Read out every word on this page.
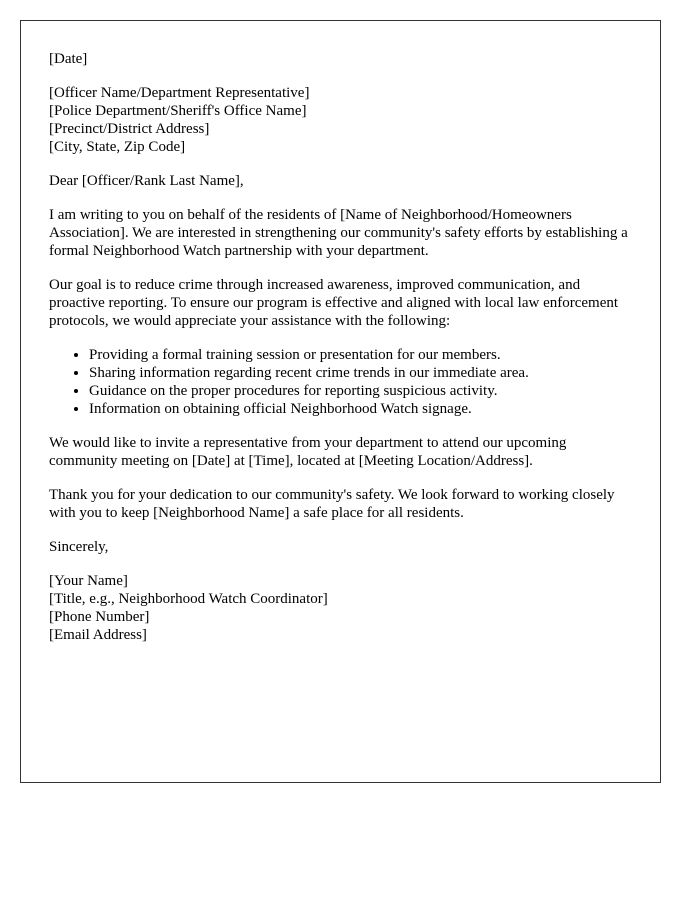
[Date]

[Officer Name/Department Representative]
[Police Department/Sheriff's Office Name]
[Precinct/District Address]
[City, State, Zip Code]

Dear [Officer/Rank Last Name],

I am writing to you on behalf of the residents of [Name of Neighborhood/Homeowners Association]. We are interested in strengthening our community's safety efforts by establishing a formal Neighborhood Watch partnership with your department.

Our goal is to reduce crime through increased awareness, improved communication, and proactive reporting. To ensure our program is effective and aligned with local law enforcement protocols, we would appreciate your assistance with the following:

• Providing a formal training session or presentation for our members.
• Sharing information regarding recent crime trends in our immediate area.
• Guidance on the proper procedures for reporting suspicious activity.
• Information on obtaining official Neighborhood Watch signage.

We would like to invite a representative from your department to attend our upcoming community meeting on [Date] at [Time], located at [Meeting Location/Address].

Thank you for your dedication to our community's safety. We look forward to working closely with you to keep [Neighborhood Name] a safe place for all residents.

Sincerely,

[Your Name]
[Title, e.g., Neighborhood Watch Coordinator]
[Phone Number]
[Email Address]
